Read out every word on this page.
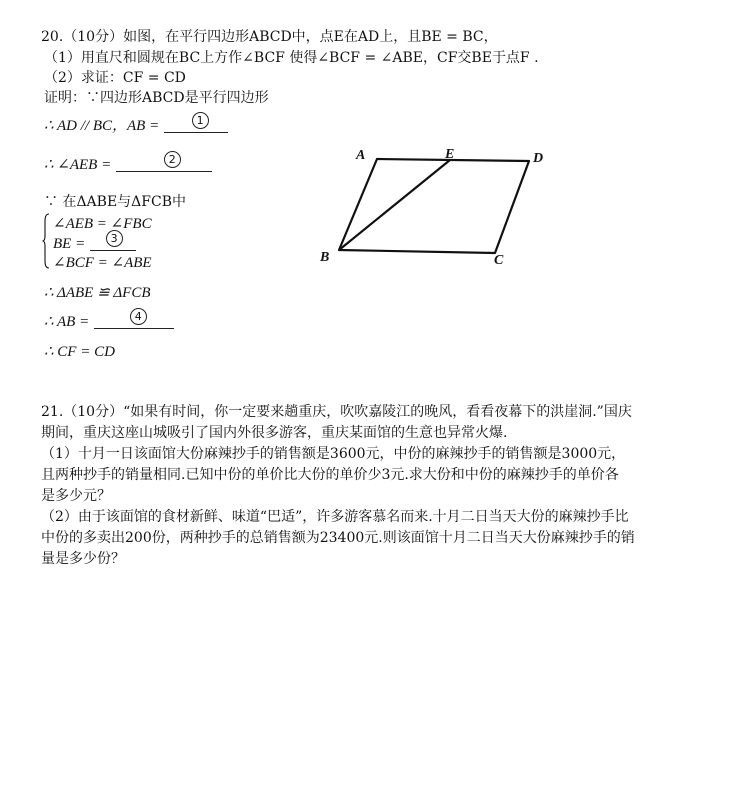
20.（10分）如图，在平行四边形ABCD中，点E在AD上，且BE = BC，
（1）用直尺和圆规在BC上方作∠BCF 使得∠BCF = ∠ABE，CF交BE于点F .
（2）求证：CF = CD
证明：∵四边形ABCD是平行四边形
∴ AD // BC，AB =	1
∴ ∠AEB =	2
∵ 在ΔABE与ΔFCB中
∠AEB = ∠FBC
BE =	3
∠BCF = ∠ABE
∴ ΔABE ≌ ΔFCB
∴ AB =	4
∴ CF = CD
A	E	D
B	C
21.（10分）“如果有时间，你一定要来趟重庆，吹吹嘉陵江的晚风，看看夜幕下的洪崖洞.”国庆
期间，重庆这座山城吸引了国内外很多游客，重庆某面馆的生意也异常火爆.
（1）十月一日该面馆大份麻辣抄手的销售额是3600元，中份的麻辣抄手的销售额是3000元，
且两种抄手的销量相同.已知中份的单价比大份的单价少3元.求大份和中份的麻辣抄手的单价各
是多少元？
（2）由于该面馆的食材新鲜、味道“巴适”，许多游客慕名而来.十月二日当天大份的麻辣抄手比
中份的多卖出200份，两种抄手的总销售额为23400元.则该面馆十月二日当天大份麻辣抄手的销
量是多少份？
